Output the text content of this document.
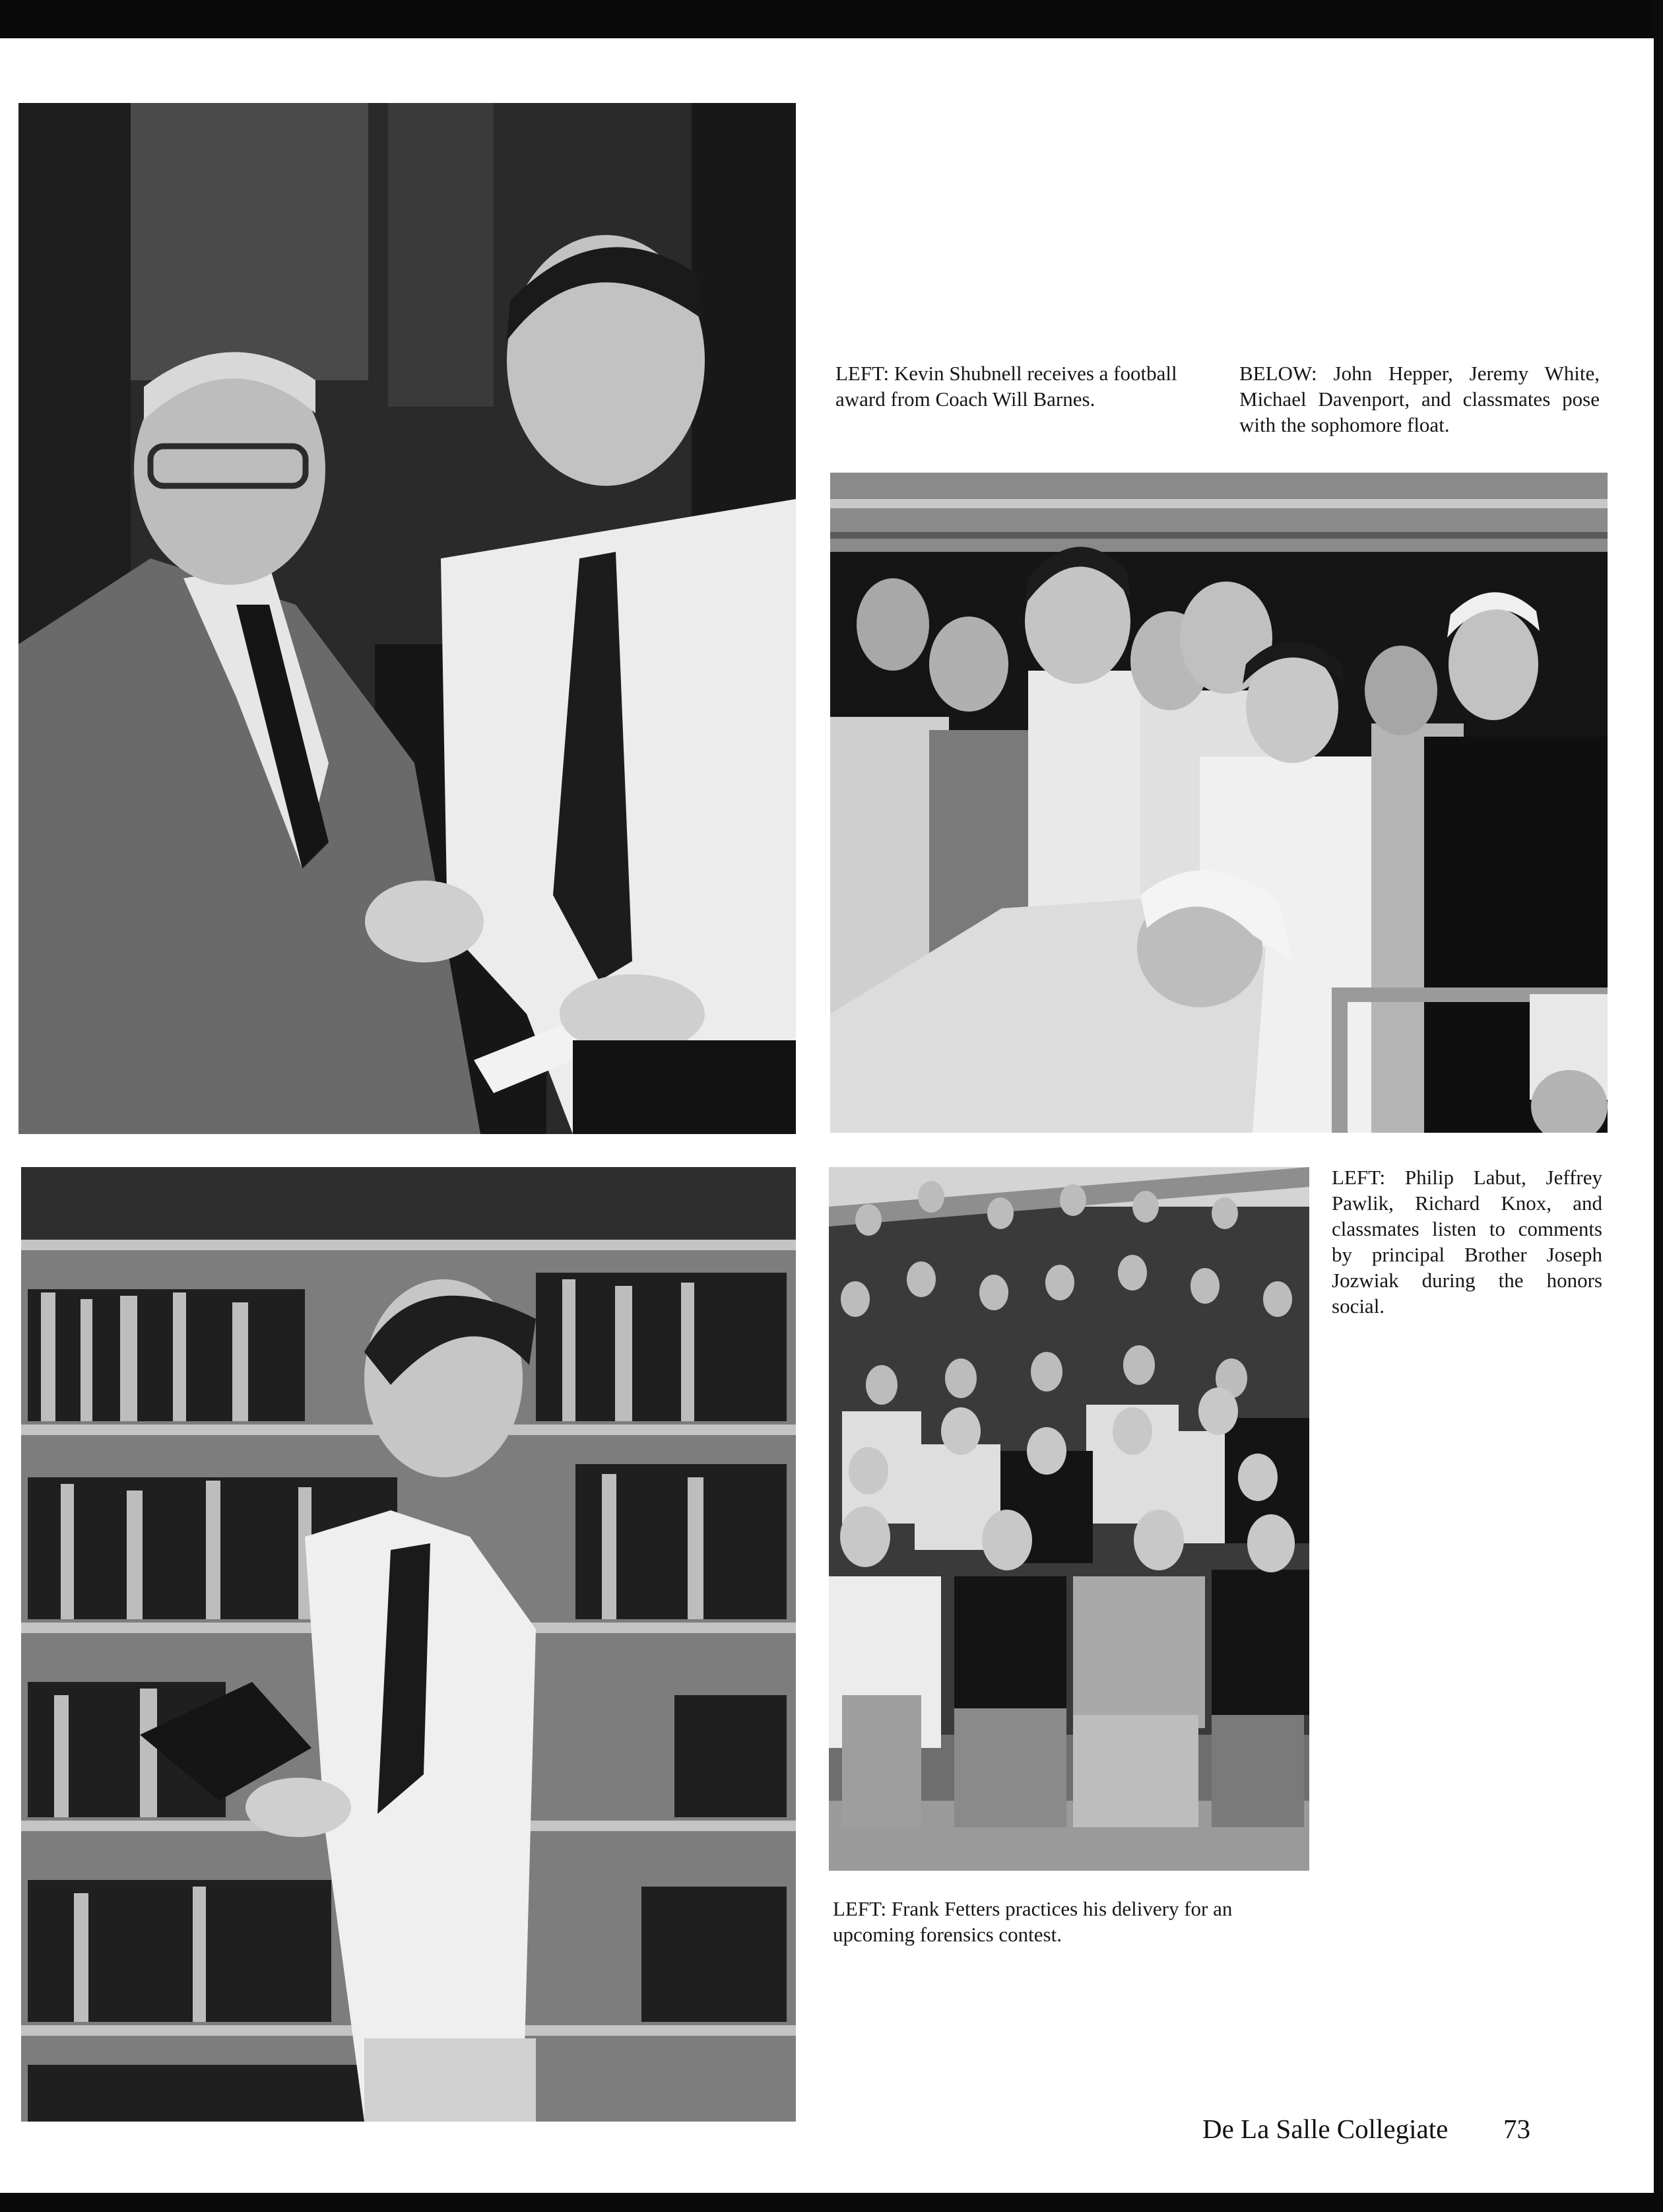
LEFT: Kevin Shubnell receives a football award from Coach Will Barnes.

BELOW: John Hepper, Jeremy White, Michael Davenport, and classmates pose with the sophomore float.

LEFT: Philip Labut, Jeffrey Pawlik, Richard Knox, and classmates listen to comments by principal Brother Joseph Jozwiak during the honors social.

LEFT: Frank Fetters practices his delivery for an upcoming forensics contest.

De La Salle Collegiate 73
